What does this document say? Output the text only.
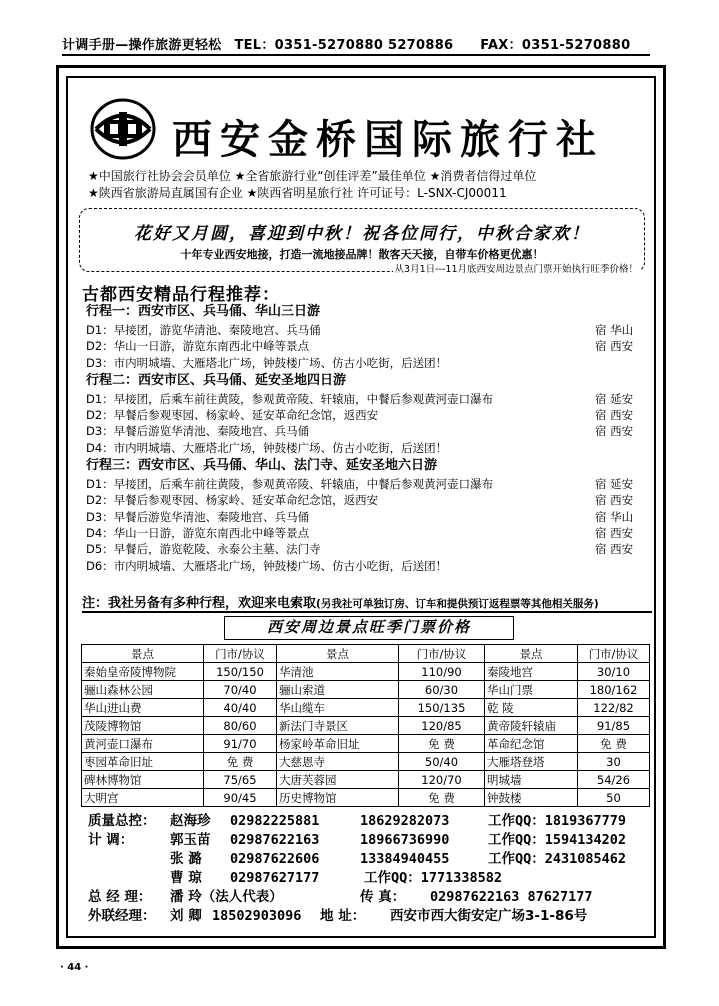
计调手册—操作旅游更轻松 TEL：0351-5270880 5270886 FAX：0351-5270880
西安金桥国际旅行社
★中国旅行社协会会员单位 ★全省旅游行业“创佳评差”最佳单位 ★消费者信得过单位
★陕西省旅游局直属国有企业 ★陕西省明星旅行社 许可证号：L-SNX-CJ00011
花好又月圆，喜迎到中秋！祝各位同行，中秋合家欢！
十年专业西安地接，打造一流地接品牌！散客天天接，自带车价格更优惠！
从3月1日---11月底西安周边景点门票开始执行旺季价格！
古都西安精品行程推荐：
行程一：西安市区、兵马俑、华山三日游
D1：早接团，游览华清池、秦陵地宫、兵马俑	宿 华山
D2：华山一日游，游览东南西北中峰等景点	宿 西安
D3：市内明城墙、大雁塔北广场，钟鼓楼广场、仿古小吃街，后送团！
行程二：西安市区、兵马俑、延安圣地四日游
D1：早接团，后乘车前往黄陵，参观黄帝陵、轩辕庙，中餐后参观黄河壶口瀑布	宿 延安
D2：早餐后参观枣园、杨家岭、延安革命纪念馆，返西安	宿 西安
D3：早餐后游览华清池、秦陵地宫、兵马俑	宿 西安
D4：市内明城墙、大雁塔北广场，钟鼓楼广场、仿古小吃街，后送团！
行程三：西安市区、兵马俑、华山、法门寺、延安圣地六日游
D1：早接团，后乘车前往黄陵，参观黄帝陵、轩辕庙，中餐后参观黄河壶口瀑布	宿 延安
D2：早餐后参观枣园、杨家岭、延安革命纪念馆，返西安	宿 西安
D3：早餐后游览华清池、秦陵地宫、兵马俑	宿 华山
D4：华山一日游，游览东南西北中峰等景点	宿 西安
D5：早餐后，游览乾陵、永泰公主墓、法门寺	宿 西安
D6：市内明城墙、大雁塔北广场，钟鼓楼广场、仿古小吃街，后送团！
注：我社另备有多种行程，欢迎来电索取(另我社可单独订房、订车和提供预订返程票等其他相关服务)
西安周边景点旺季门票价格
景点	门市/协议	景点	门市/协议	景点	门市/协议
秦始皇帝陵博物院	150/150	华清池	110/90	秦陵地宫	30/10
骊山森林公园	70/40	骊山索道	60/30	华山门票	180/162
华山进山费	40/40	华山缆车	150/135	乾 陵	122/82
茂陵博物馆	80/60	新法门寺景区	120/85	黄帝陵轩辕庙	91/85
黄河壶口瀑布	91/70	杨家岭革命旧址	免 费	革命纪念馆	免 费
枣园革命旧址	免 费	大慈恩寺	50/40	大雁塔登塔	30
碑林博物馆	75/65	大唐芙蓉园	120/70	明城墙	54/26
大明宫	90/45	历史博物馆	免 费	钟鼓楼	50
质量总控： 赵海珍 02982225881	18629282073	工作QQ：1819367779
计 调：	郭玉苗 02987622163	18966736990	工作QQ：1594134202
张 潞 02987622606	13384940455	工作QQ：2431085462
曹 琼 02987627177	工作QQ：1771338582
总 经 理： 潘 玲（法人代表）	传 真： 02987622163 87627177
外联经理： 刘 卿 18502903096 地 址： 西安市西大街安定广场3-1-86号
· 44 ·
